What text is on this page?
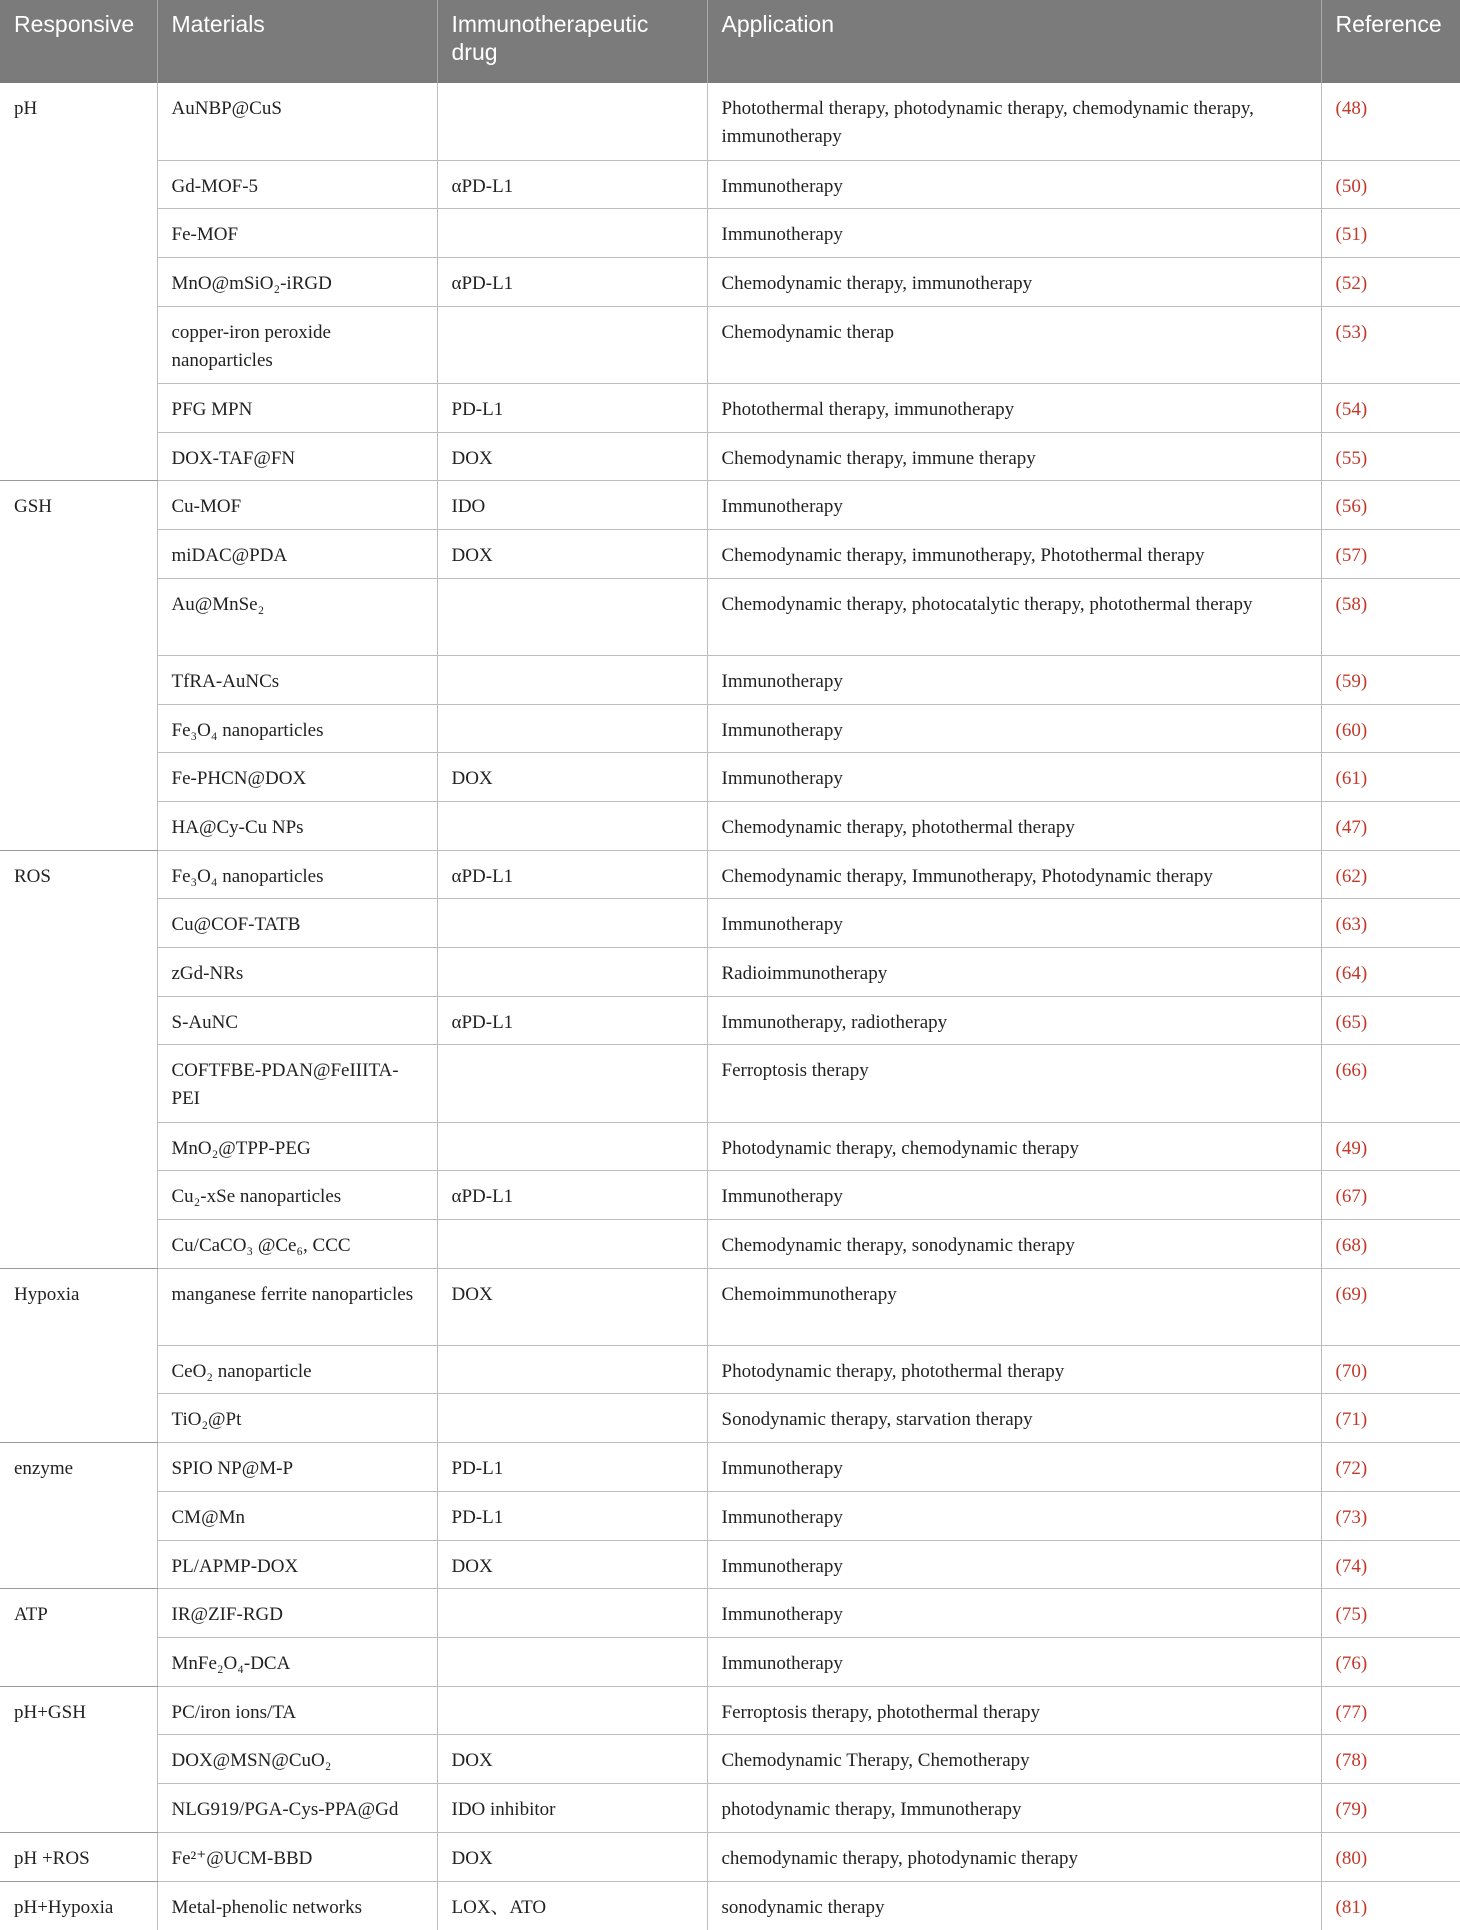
Responsive	Materials	Immunotherapeutic drug	Application	Reference
pH	AuNBP@CuS		Photothermal therapy, photodynamic therapy, chemodynamic therapy, immunotherapy	(48)
	Gd-MOF-5	αPD-L1	Immunotherapy	(50)
	Fe-MOF		Immunotherapy	(51)
	MnO@mSiO₂-iRGD	αPD-L1	Chemodynamic therapy, immunotherapy	(52)
	copper-iron peroxide nanoparticles		Chemodynamic therap	(53)
	PFG MPN	PD-L1	Photothermal therapy, immunotherapy	(54)
	DOX-TAF@FN	DOX	Chemodynamic therapy, immune therapy	(55)
GSH	Cu-MOF	IDO	Immunotherapy	(56)
	miDAC@PDA	DOX	Chemodynamic therapy, immunotherapy, Photothermal therapy	(57)
	Au@MnSe₂		Chemodynamic therapy, photocatalytic therapy, photothermal therapy	(58)
	TfRA-AuNCs		Immunotherapy	(59)
	Fe₃O₄ nanoparticles		Immunotherapy	(60)
	Fe-PHCN@DOX	DOX	Immunotherapy	(61)
	HA@Cy-Cu NPs		Chemodynamic therapy, photothermal therapy	(47)
ROS	Fe₃O₄ nanoparticles	αPD-L1	Chemodynamic therapy, Immunotherapy, Photodynamic therapy	(62)
	Cu@COF-TATB		Immunotherapy	(63)
	zGd-NRs		Radioimmunotherapy	(64)
	S-AuNC	αPD-L1	Immunotherapy, radiotherapy	(65)
	COFTFBE-PDAN@FeIIITA-PEI		Ferroptosis therapy	(66)
	MnO₂@TPP-PEG		Photodynamic therapy, chemodynamic therapy	(49)
	Cu₂-xSe nanoparticles	αPD-L1	Immunotherapy	(67)
	Cu/CaCO₃ @Ce₆, CCC		Chemodynamic therapy, sonodynamic therapy	(68)
Hypoxia	manganese ferrite nanoparticles	DOX	Chemoimmunotherapy	(69)
	CeO₂ nanoparticle		Photodynamic therapy, photothermal therapy	(70)
	TiO₂@Pt		Sonodynamic therapy, starvation therapy	(71)
enzyme	SPIO NP@M-P	PD-L1	Immunotherapy	(72)
	CM@Mn	PD-L1	Immunotherapy	(73)
	PL/APMP-DOX	DOX	Immunotherapy	(74)
ATP	IR@ZIF-RGD		Immunotherapy	(75)
	MnFe₂O₄-DCA		Immunotherapy	(76)
pH+GSH	PC/iron ions/TA		Ferroptosis therapy, photothermal therapy	(77)
	DOX@MSN@CuO₂	DOX	Chemodynamic Therapy, Chemotherapy	(78)
	NLG919/PGA-Cys-PPA@Gd	IDO inhibitor	photodynamic therapy, Immunotherapy	(79)
pH +ROS	Fe²⁺@UCM-BBD	DOX	chemodynamic therapy, photodynamic therapy	(80)
pH+Hypoxia	Metal-phenolic networks	LOX、ATO	sonodynamic therapy	(81)
